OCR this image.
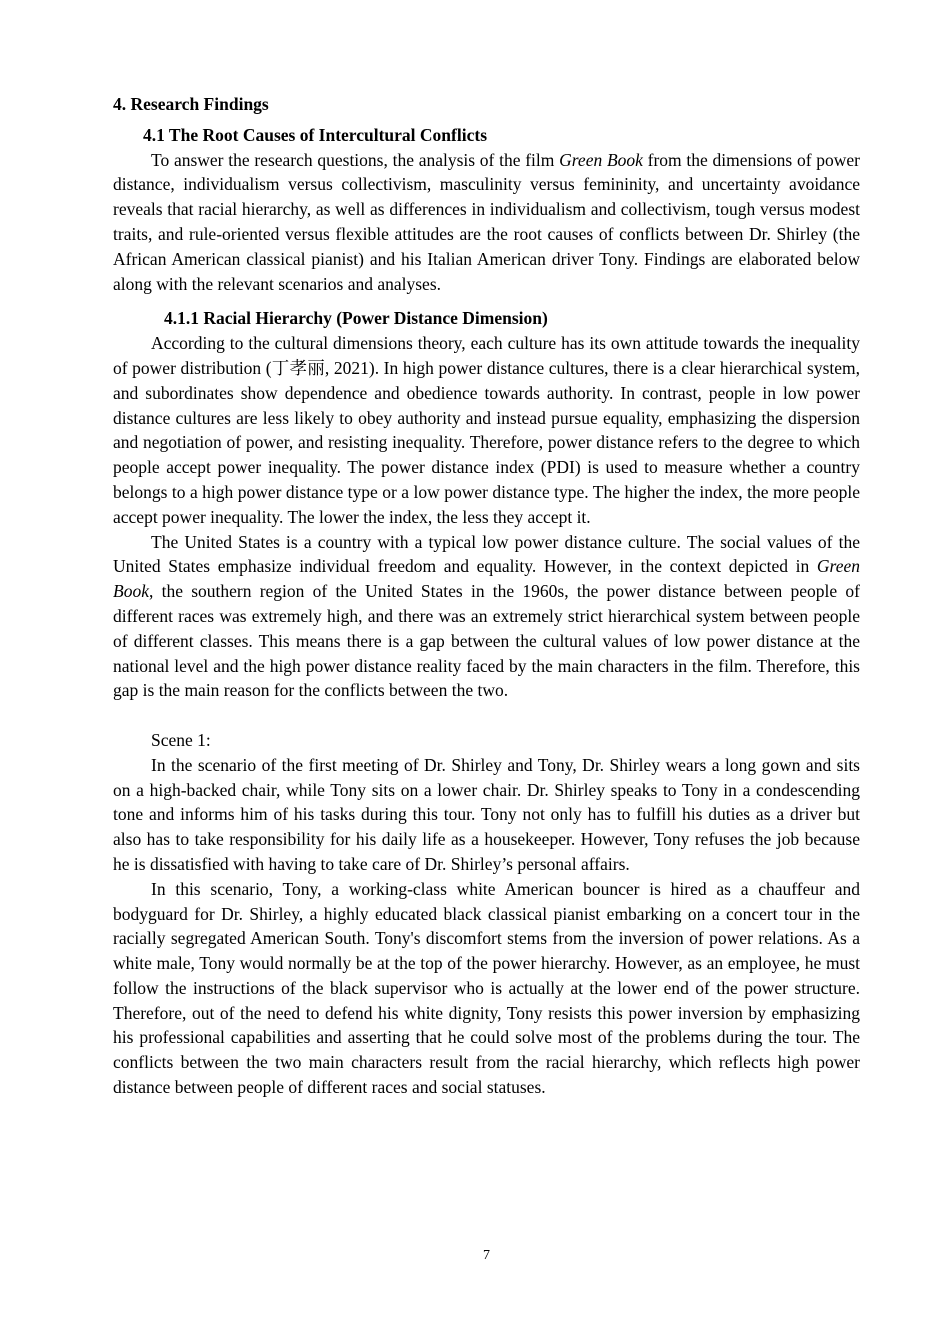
4. Research Findings
4.1 The Root Causes of Intercultural Conflicts

To answer the research questions, the analysis of the film Green Book from the dimensions of power distance, individualism versus collectivism, masculinity versus femininity, and uncertainty avoidance reveals that racial hierarchy, as well as differences in individualism and collectivism, tough versus modest traits, and rule-oriented versus flexible attitudes are the root causes of conflicts between Dr. Shirley (the African American classical pianist) and his Italian American driver Tony. Findings are elaborated below along with the relevant scenarios and analyses.

4.1.1 Racial Hierarchy (Power Distance Dimension)

According to the cultural dimensions theory, each culture has its own attitude towards the inequality of power distribution (丁孝丽, 2021). In high power distance cultures, there is a clear hierarchical system, and subordinates show dependence and obedience towards authority. In contrast, people in low power distance cultures are less likely to obey authority and instead pursue equality, emphasizing the dispersion and negotiation of power, and resisting inequality. Therefore, power distance refers to the degree to which people accept power inequality. The power distance index (PDI) is used to measure whether a country belongs to a high power distance type or a low power distance type. The higher the index, the more people accept power inequality. The lower the index, the less they accept it.

The United States is a country with a typical low power distance culture. The social values of the United States emphasize individual freedom and equality. However, in the context depicted in Green Book, the southern region of the United States in the 1960s, the power distance between people of different races was extremely high, and there was an extremely strict hierarchical system between people of different classes. This means there is a gap between the cultural values of low power distance at the national level and the high power distance reality faced by the main characters in the film. Therefore, this gap is the main reason for the conflicts between the two.

Scene 1:

In the scenario of the first meeting of Dr. Shirley and Tony, Dr. Shirley wears a long gown and sits on a high-backed chair, while Tony sits on a lower chair. Dr. Shirley speaks to Tony in a condescending tone and informs him of his tasks during this tour. Tony not only has to fulfill his duties as a driver but also has to take responsibility for his daily life as a housekeeper. However, Tony refuses the job because he is dissatisfied with having to take care of Dr. Shirley’s personal affairs.

In this scenario, Tony, a working-class white American bouncer is hired as a chauffeur and bodyguard for Dr. Shirley, a highly educated black classical pianist embarking on a concert tour in the racially segregated American South. Tony's discomfort stems from the inversion of power relations. As a white male, Tony would normally be at the top of the power hierarchy. However, as an employee, he must follow the instructions of the black supervisor who is actually at the lower end of the power structure. Therefore, out of the need to defend his white dignity, Tony resists this power inversion by emphasizing his professional capabilities and asserting that he could solve most of the problems during the tour. The conflicts between the two main characters result from the racial hierarchy, which reflects high power distance between people of different races and social statuses.

7
